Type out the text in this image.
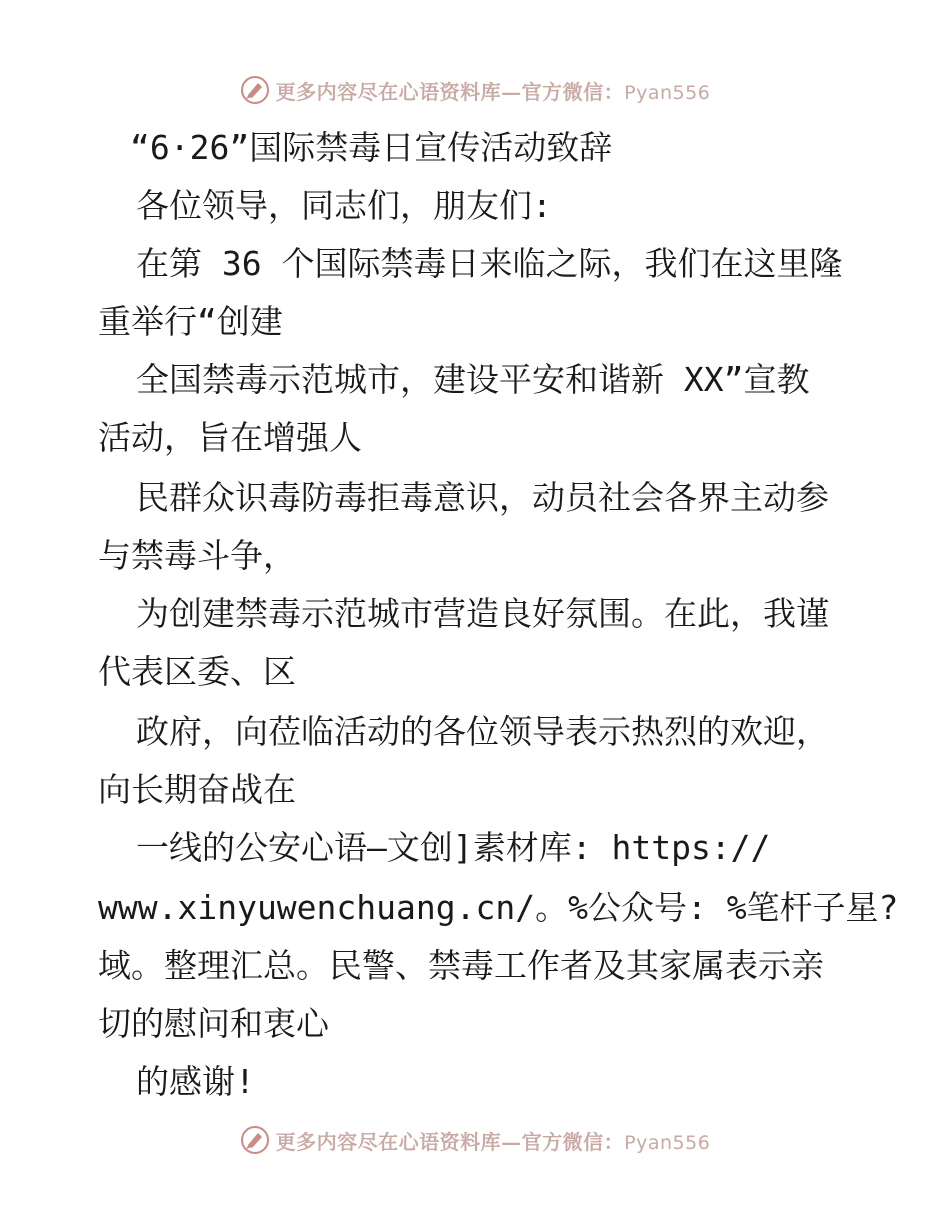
更多内容尽在心语资料库—官方微信：Pyan556
“6·26”国际禁毒日宣传活动致辞
各位领导，同志们，朋友们:
在第 36 个国际禁毒日来临之际，我们在这里隆
重举行“创建
全国禁毒示范城市，建设平安和谐新 XX”宣教
活动，旨在增强人
民群众识毒防毒拒毒意识，动员社会各界主动参
与禁毒斗争，
为创建禁毒示范城市营造良好氛围。在此，我谨
代表区委、区
政府，向莅临活动的各位领导表示热烈的欢迎，
向长期奋战在
一线的公安心语—文创]素材库: https://
www.xinyuwenchuang.cn/。%公众号: %笔杆子星?
域。整理汇总。民警、禁毒工作者及其家属表示亲
切的慰问和衷心
的感谢!
更多内容尽在心语资料库—官方微信：Pyan556
